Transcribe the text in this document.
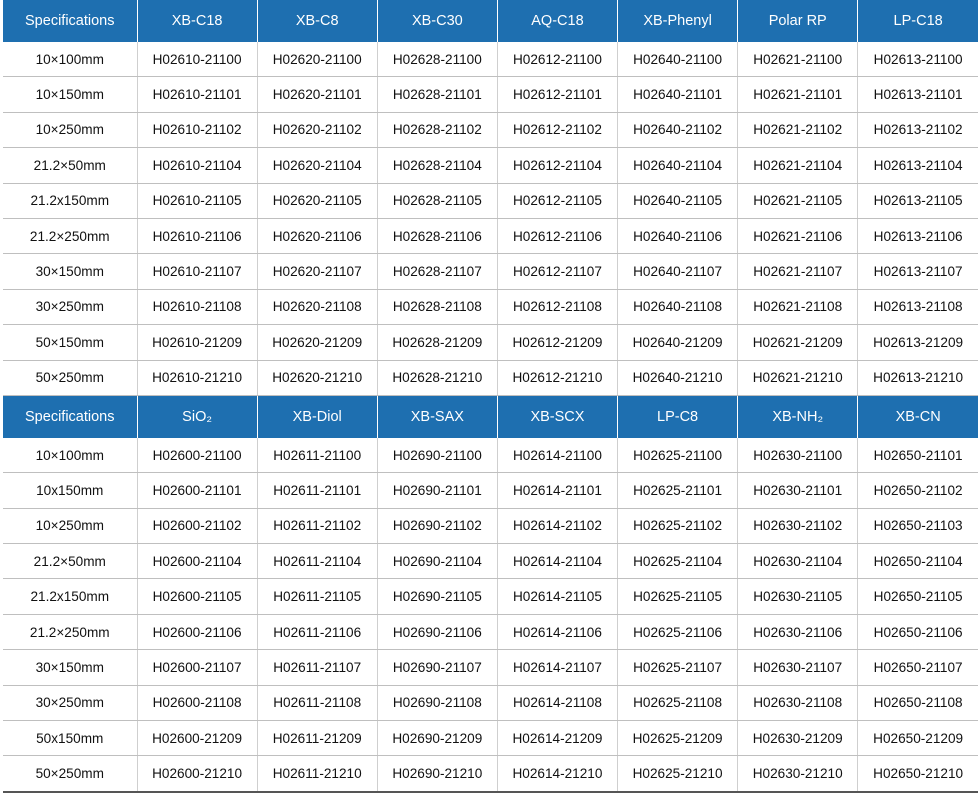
Specifications	XB-C18	XB-C8	XB-C30	AQ-C18	XB-Phenyl	Polar RP	LP-C18
10×100mm	H02610-21100	H02620-21100	H02628-21100	H02612-21100	H02640-21100	H02621-21100	H02613-21100
10×150mm	H02610-21101	H02620-21101	H02628-21101	H02612-21101	H02640-21101	H02621-21101	H02613-21101
10×250mm	H02610-21102	H02620-21102	H02628-21102	H02612-21102	H02640-21102	H02621-21102	H02613-21102
21.2×50mm	H02610-21104	H02620-21104	H02628-21104	H02612-21104	H02640-21104	H02621-21104	H02613-21104
21.2x150mm	H02610-21105	H02620-21105	H02628-21105	H02612-21105	H02640-21105	H02621-21105	H02613-21105
21.2×250mm	H02610-21106	H02620-21106	H02628-21106	H02612-21106	H02640-21106	H02621-21106	H02613-21106
30×150mm	H02610-21107	H02620-21107	H02628-21107	H02612-21107	H02640-21107	H02621-21107	H02613-21107
30×250mm	H02610-21108	H02620-21108	H02628-21108	H02612-21108	H02640-21108	H02621-21108	H02613-21108
50×150mm	H02610-21209	H02620-21209	H02628-21209	H02612-21209	H02640-21209	H02621-21209	H02613-21209
50×250mm	H02610-21210	H02620-21210	H02628-21210	H02612-21210	H02640-21210	H02621-21210	H02613-21210
Specifications	SiO₂	XB-Diol	XB-SAX	XB-SCX	LP-C8	XB-NH₂	XB-CN
10×100mm	H02600-21100	H02611-21100	H02690-21100	H02614-21100	H02625-21100	H02630-21100	H02650-21101
10x150mm	H02600-21101	H02611-21101	H02690-21101	H02614-21101	H02625-21101	H02630-21101	H02650-21102
10×250mm	H02600-21102	H02611-21102	H02690-21102	H02614-21102	H02625-21102	H02630-21102	H02650-21103
21.2×50mm	H02600-21104	H02611-21104	H02690-21104	H02614-21104	H02625-21104	H02630-21104	H02650-21104
21.2x150mm	H02600-21105	H02611-21105	H02690-21105	H02614-21105	H02625-21105	H02630-21105	H02650-21105
21.2×250mm	H02600-21106	H02611-21106	H02690-21106	H02614-21106	H02625-21106	H02630-21106	H02650-21106
30×150mm	H02600-21107	H02611-21107	H02690-21107	H02614-21107	H02625-21107	H02630-21107	H02650-21107
30×250mm	H02600-21108	H02611-21108	H02690-21108	H02614-21108	H02625-21108	H02630-21108	H02650-21108
50x150mm	H02600-21209	H02611-21209	H02690-21209	H02614-21209	H02625-21209	H02630-21209	H02650-21209
50×250mm	H02600-21210	H02611-21210	H02690-21210	H02614-21210	H02625-21210	H02630-21210	H02650-21210
